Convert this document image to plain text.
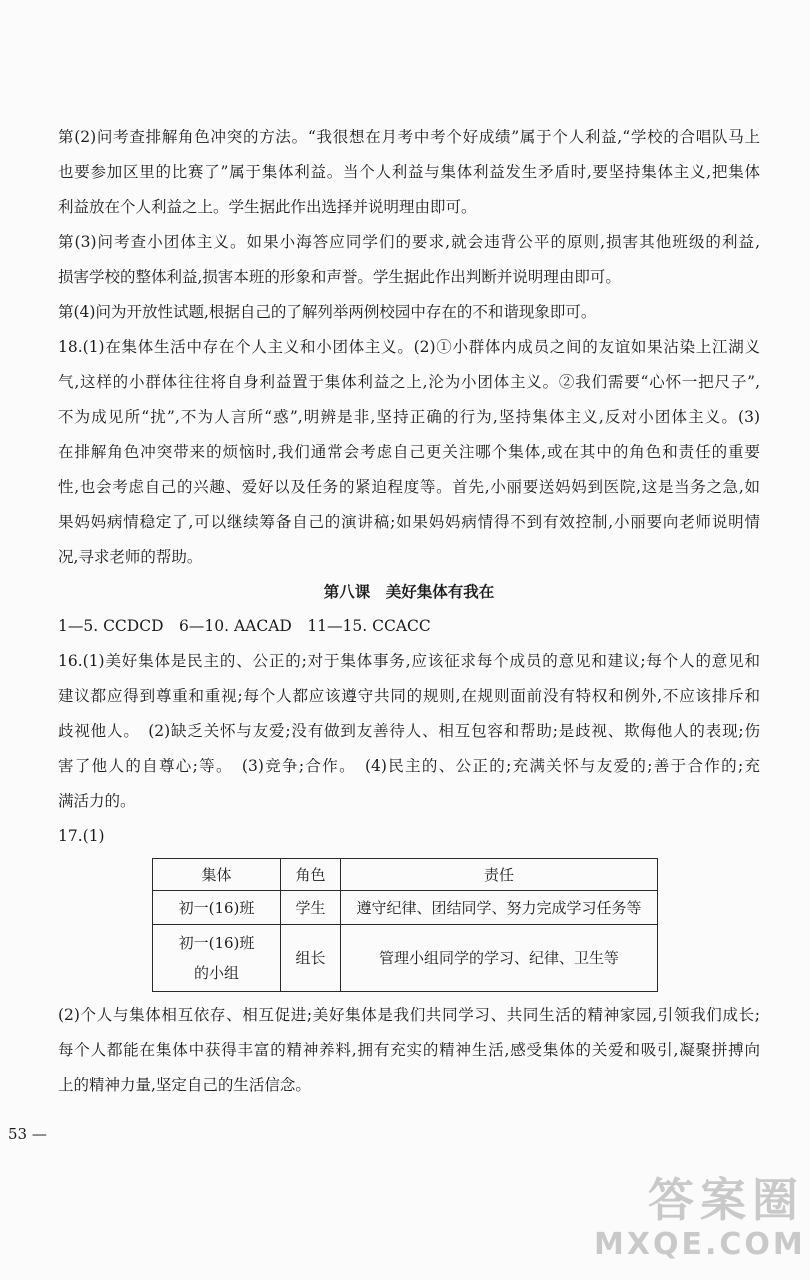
第(2)问考查排解角色冲突的方法。“我很想在月考中考个好成绩”属于个人利益,“学校的合唱队马上

也要参加区里的比赛了”属于集体利益。当个人利益与集体利益发生矛盾时,要坚持集体主义,把集体

利益放在个人利益之上。学生据此作出选择并说明理由即可。

第(3)问考查小团体主义。如果小海答应同学们的要求,就会违背公平的原则,损害其他班级的利益,

损害学校的整体利益,损害本班的形象和声誉。学生据此作出判断并说明理由即可。

第(4)问为开放性试题,根据自己的了解列举两例校园中存在的不和谐现象即可。

18.(1)在集体生活中存在个人主义和小团体主义。(2)①小群体内成员之间的友谊如果沾染上江湖义

气,这样的小群体往往将自身利益置于集体利益之上,沦为小团体主义。②我们需要“心怀一把尺子”,

不为成见所“扰”,不为人言所“惑”,明辨是非,坚持正确的行为,坚持集体主义,反对小团体主义。(3)

在排解角色冲突带来的烦恼时,我们通常会考虑自己更关注哪个集体,或在其中的角色和责任的重要

性,也会考虑自己的兴趣、爱好以及任务的紧迫程度等。首先,小丽要送妈妈到医院,这是当务之急,如

果妈妈病情稳定了,可以继续筹备自己的演讲稿;如果妈妈病情得不到有效控制,小丽要向老师说明情

况,寻求老师的帮助。

第八课　美好集体有我在

1—5. CCDCD　6—10. AACAD　11—15. CCACC

16.(1)美好集体是民主的、公正的;对于集体事务,应该征求每个成员的意见和建议;每个人的意见和

建议都应得到尊重和重视;每个人都应该遵守共同的规则,在规则面前没有特权和例外,不应该排斥和

歧视他人。　(2)缺乏关怀与友爱;没有做到友善待人、相互包容和帮助;是歧视、欺侮他人的表现;伤

害了他人的自尊心;等。　(3)竞争;合作。　(4)民主的、公正的;充满关怀与友爱的;善于合作的;充

满活力的。

17.(1)

集体	角色	责任
初一(16)班	学生	遵守纪律、团结同学、努力完成学习任务等
初一(16)班
的小组	组长	管理小组同学的学习、纪律、卫生等

(2)个人与集体相互依存、相互促进;美好集体是我们共同学习、共同生活的精神家园,引领我们成长;

每个人都能在集体中获得丰富的精神养料,拥有充实的精神生活,感受集体的关爱和吸引,凝聚拼搏向

上的精神力量,坚定自己的生活信念。

53 —
答案圈
MXQE.COM
